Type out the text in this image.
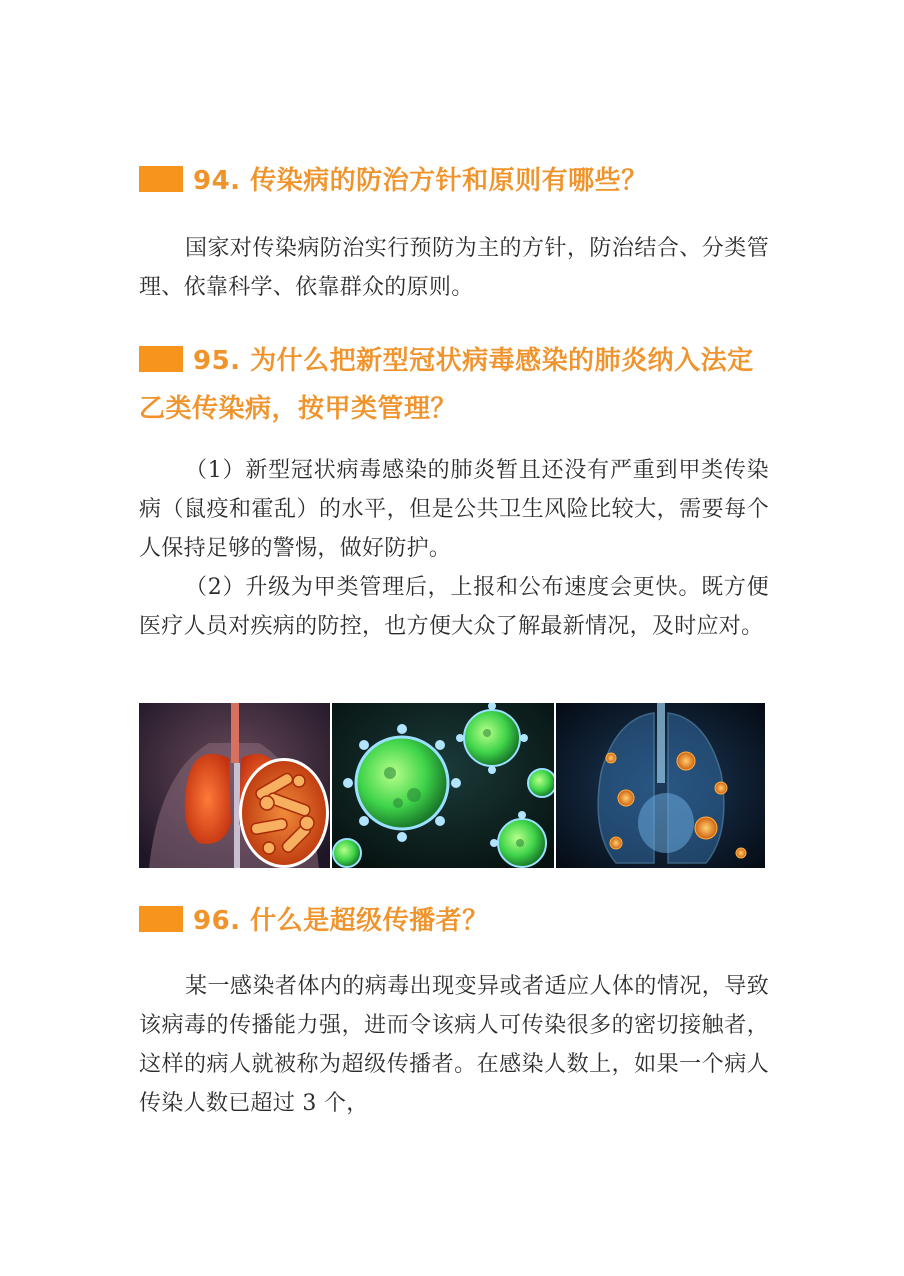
94. 传染病的防治方针和原则有哪些？

国家对传染病防治实行预防为主的方针，防治结合、分类管理、依靠科学、依靠群众的原则。

95. 为什么把新型冠状病毒感染的肺炎纳入法定乙类传染病，按甲类管理？

（1）新型冠状病毒感染的肺炎暂且还没有严重到甲类传染病（鼠疫和霍乱）的水平，但是公共卫生风险比较大，需要每个人保持足够的警惕，做好防护。

（2）升级为甲类管理后，上报和公布速度会更快。既方便医疗人员对疾病的防控，也方便大众了解最新情况，及时应对。

96. 什么是超级传播者？

某一感染者体内的病毒出现变异或者适应人体的情况，导致该病毒的传播能力强，进而令该病人可传染很多的密切接触者，这样的病人就被称为超级传播者。在感染人数上，如果一个病人传染人数已超过 3 个，
